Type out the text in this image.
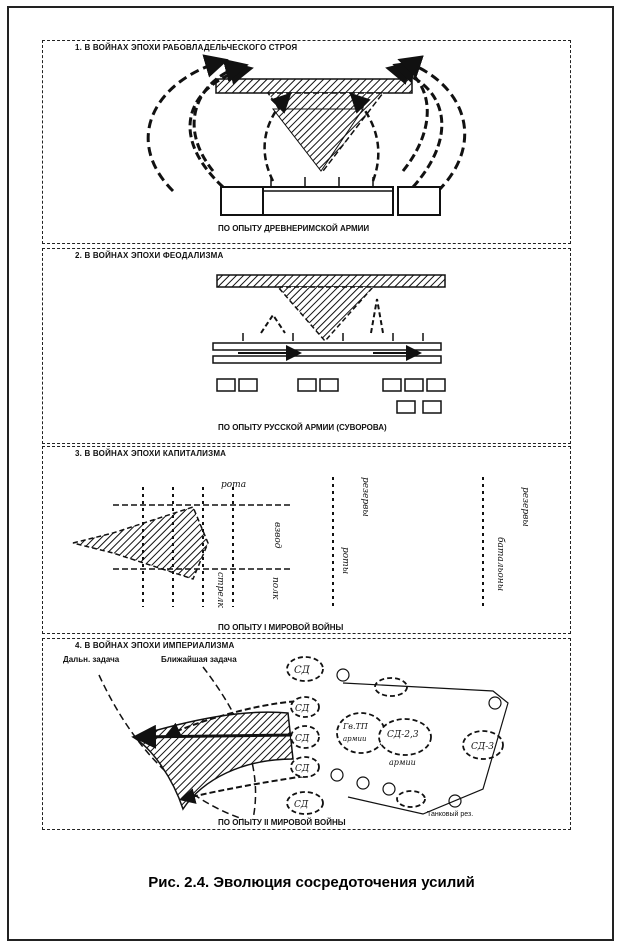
1. В ВОЙНАХ ЭПОХИ РАБОВЛАДЕЛЬЧЕСКОГО СТРОЯ
ПО ОПЫТУ ДРЕВНЕРИМСКОЙ АРМИИ
2. В ВОЙНАХ ЭПОХИ ФЕОДАЛИЗМА
ПО ОПЫТУ РУССКОЙ АРМИИ (СУВОРОВА)
3. В ВОЙНАХ ЭПОХИ КАПИТАЛИЗМА
рота
взвод
полк
стрелк
резервы	резервы
роты	батальоны
ПО ОПЫТУ I МИРОВОЙ ВОЙНЫ
4. В ВОЙНАХ ЭПОХИ ИМПЕРИАЛИЗМА
Дальн. задача	Ближайшая задача
СД
СД
СД
СД
СД
Гв.ТП
армии СД-2,3
армии
СД-3
ПО ОПЫТУ II МИРОВОЙ ВОЙНЫ
Танковый рез.
Рис. 2.4. Эволюция сосредоточения усилий
